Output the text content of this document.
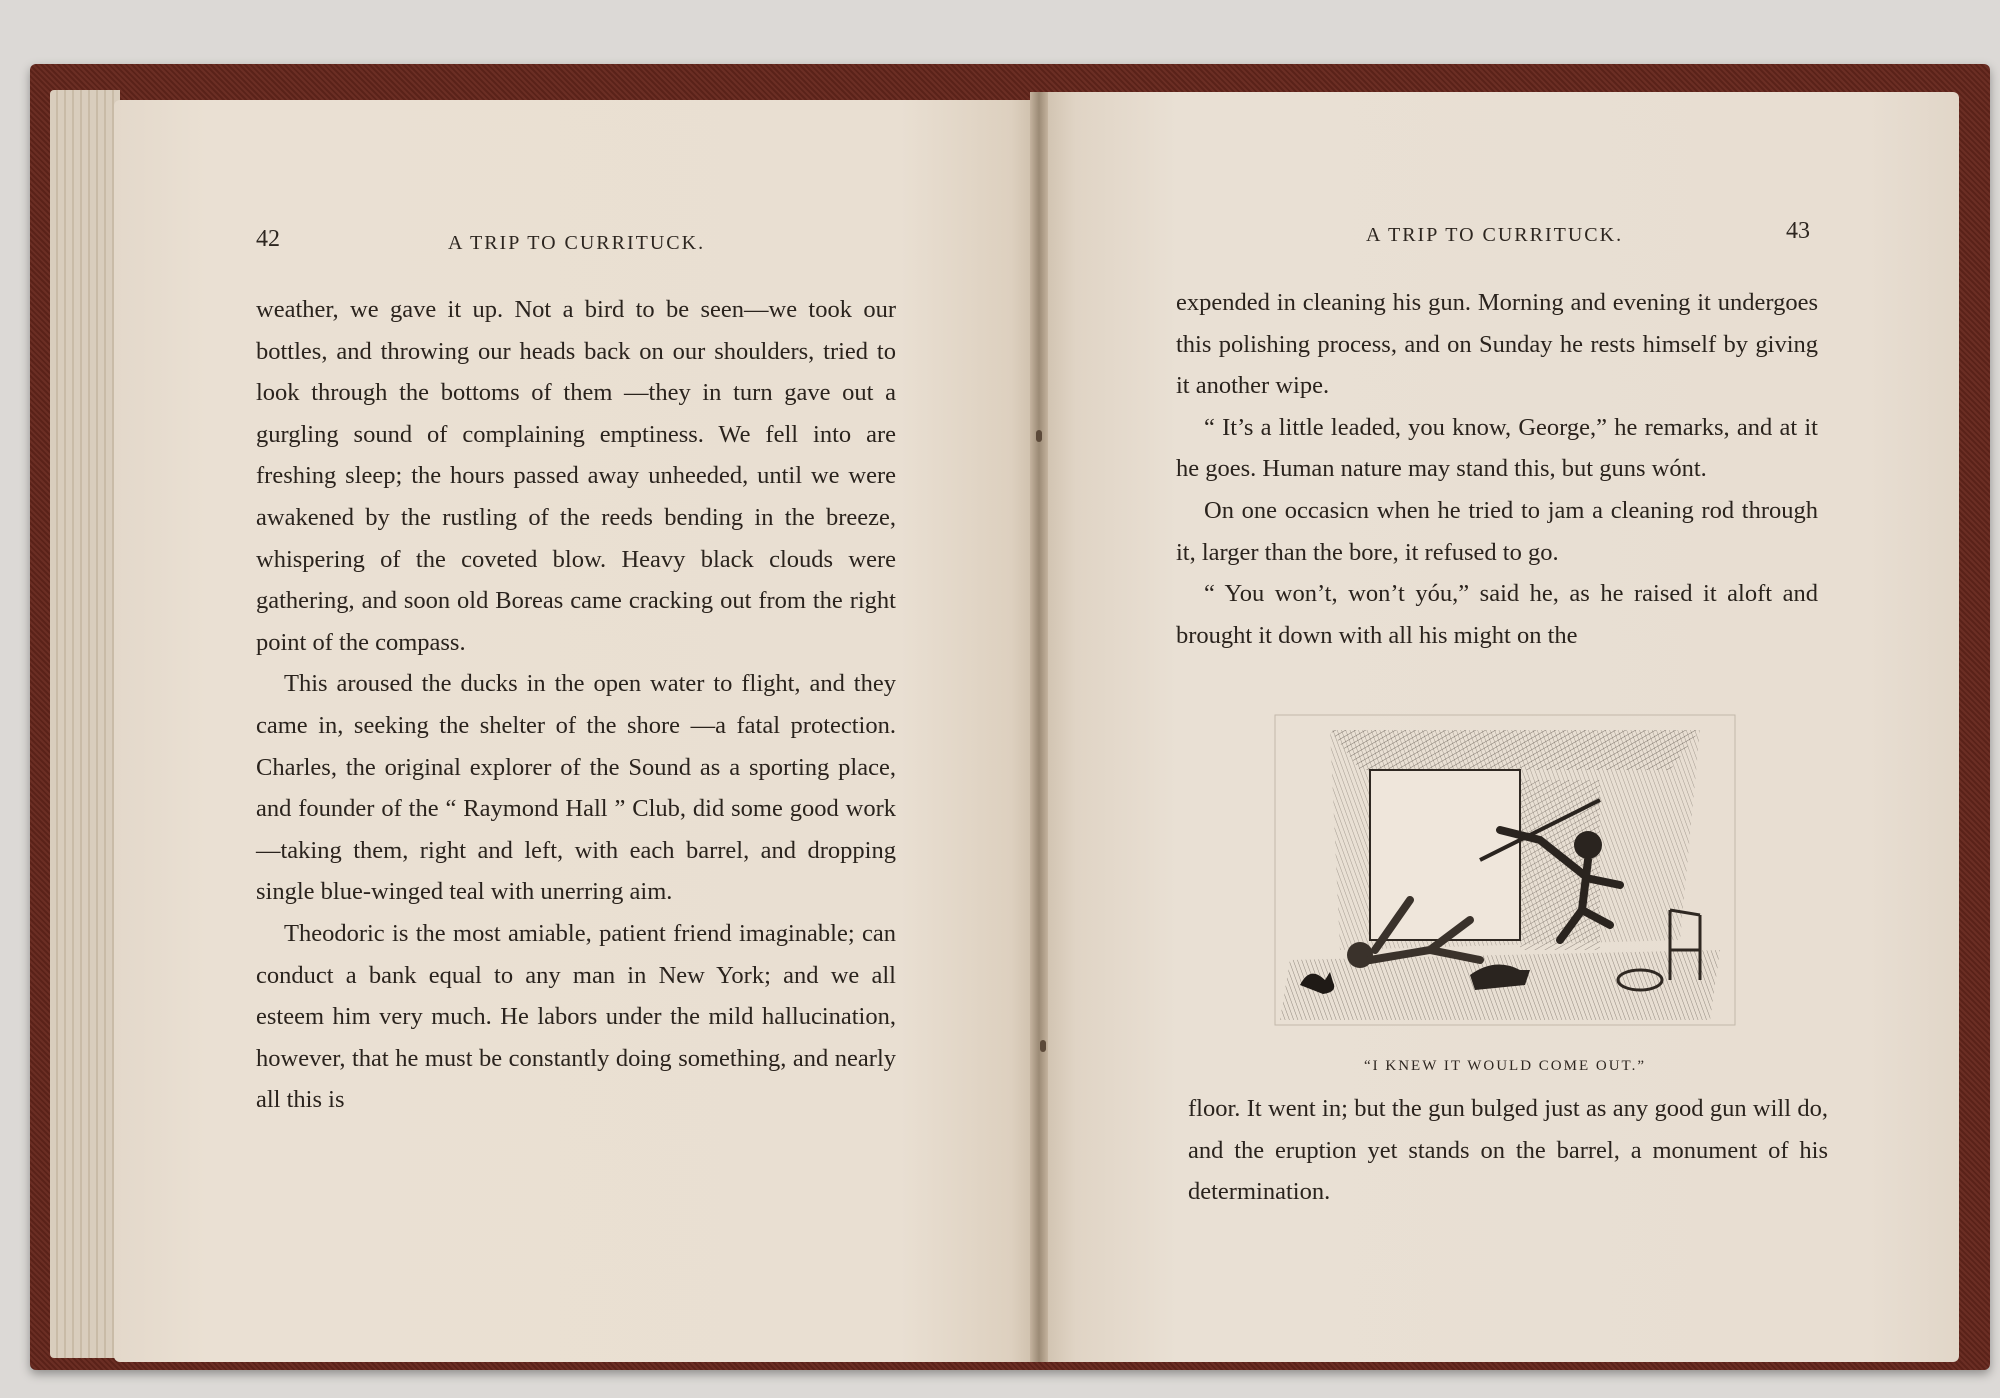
42	A TRIP TO CURRITUCK.

weather, we gave it up. Not a bird to be seen—we took our bottles, and throwing our heads back on our shoulders, tried to look through the bottoms of them —they in turn gave out a gurgling sound of complaining emptiness. We fell into are freshing sleep; the hours passed away unheeded, until we were awakened by the rustling of the reeds bending in the breeze, whispering of the coveted blow. Heavy black clouds were gathering, and soon old Boreas came cracking out from the right point of the compass.

This aroused the ducks in the open water to flight, and they came in, seeking the shelter of the shore —a fatal protection. Charles, the original explorer of the Sound as a sporting place, and founder of the “ Raymond Hall ” Club, did some good work—taking them, right and left, with each barrel, and dropping single blue-winged teal with unerring aim.

Theodoric is the most amiable, patient friend imaginable; can conduct a bank equal to any man in New York; and we all esteem him very much. He labors under the mild hallucination, however, that he must be constantly doing something, and nearly all this is

A TRIP TO CURRITUCK.	43

expended in cleaning his gun. Morning and evening it undergoes this polishing process, and on Sunday he rests himself by giving it another wipe.

“ It’s a little leaded, you know, George,” he remarks, and at it he goes. Human nature may stand this, but guns wónt.

On one occasicn when he tried to jam a cleaning rod through it, larger than the bore, it refused to go.

“ You won’t, won’t yóu,” said he, as he raised it aloft and brought it down with all his might on the

“I KNEW IT WOULD COME OUT.”

floor. It went in; but the gun bulged just as any good gun will do, and the eruption yet stands on the barrel, a monument of his determination.
